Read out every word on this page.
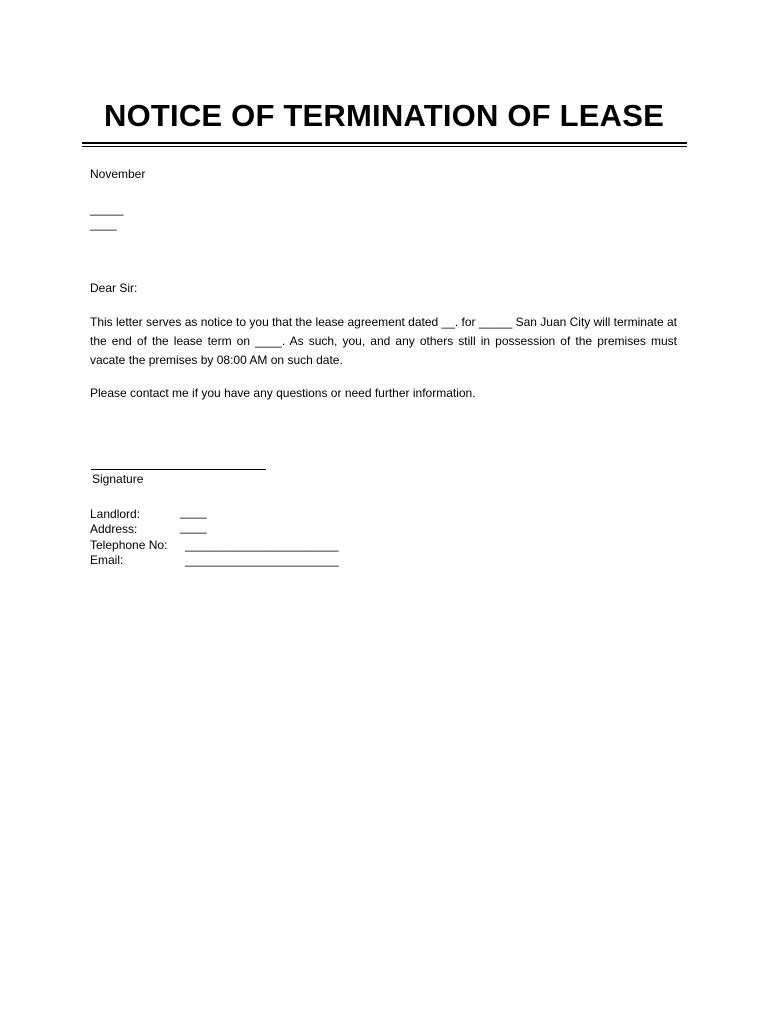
NOTICE OF TERMINATION OF LEASE

November

_____

____

Dear Sir:

This letter serves as notice to you that the lease agreement dated __. for _____ San Juan City will terminate at the end of the lease term on ____. As such, you, and any others still in possession of the premises must vacate the premises by 08:00 AM on such date.

Please contact me if you have any questions or need further information.

Signature

Landlord:	____

Address:	____

Telephone No: _______________________

Email:	_______________________
